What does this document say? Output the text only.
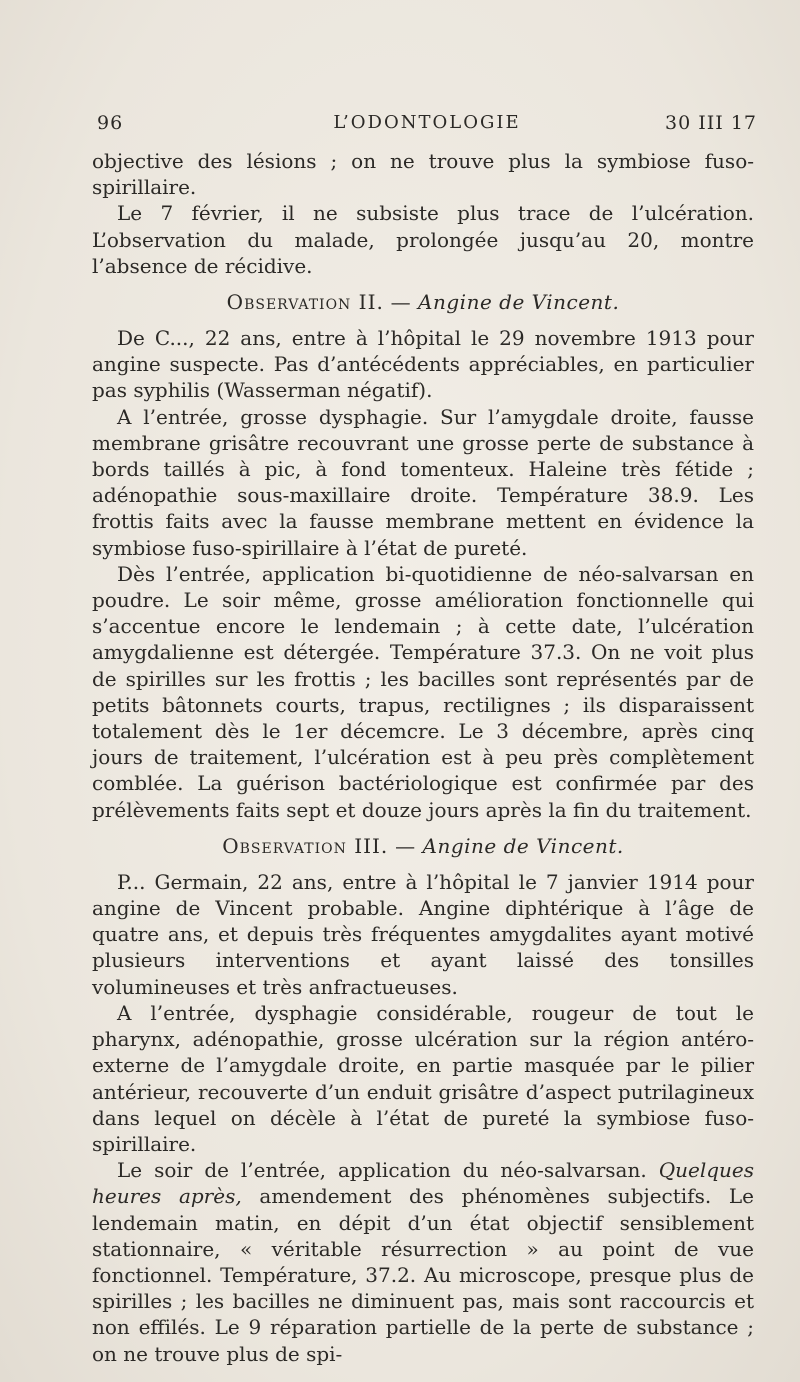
96	L’ODONTOLOGIE	30 III 17

objective des lésions ; on ne trouve plus la symbiose fuso-spirillaire.

Le 7 février, il ne subsiste plus trace de l’ulcération. L’observation du malade, prolongée jusqu’au 20, montre l’absence de récidive.

Observation II. — Angine de Vincent.

De C..., 22 ans, entre à l’hôpital le 29 novembre 1913 pour angine suspecte. Pas d’antécédents appréciables, en particulier pas syphilis (Wasserman négatif).

A l’entrée, grosse dysphagie. Sur l’amygdale droite, fausse membrane grisâtre recouvrant une grosse perte de substance à bords taillés à pic, à fond tomenteux. Haleine très fétide ; adénopathie sous-maxillaire droite. Température 38.9. Les frottis faits avec la fausse membrane mettent en évidence la symbiose fuso-spirillaire à l’état de pureté.

Dès l’entrée, application bi-quotidienne de néo-salvarsan en poudre. Le soir même, grosse amélioration fonctionnelle qui s’accentue encore le lendemain ; à cette date, l’ulcération amygdalienne est détergée. Température 37.3. On ne voit plus de spirilles sur les frottis ; les bacilles sont représentés par de petits bâtonnets courts, trapus, rectilignes ; ils disparaissent totalement dès le 1er décemcre. Le 3 décembre, après cinq jours de traitement, l’ulcération est à peu près complètement comblée. La guérison bactériologique est confirmée par des prélèvements faits sept et douze jours après la fin du traitement.

Observation III. — Angine de Vincent.

P... Germain, 22 ans, entre à l’hôpital le 7 janvier 1914 pour angine de Vincent probable. Angine diphtérique à l’âge de quatre ans, et depuis très fréquentes amygdalites ayant motivé plusieurs interventions et ayant laissé des tonsilles volumineuses et très anfractueuses.

A l’entrée, dysphagie considérable, rougeur de tout le pharynx, adénopathie, grosse ulcération sur la région antéro-externe de l’amygdale droite, en partie masquée par le pilier antérieur, recouverte d’un enduit grisâtre d’aspect putrilagineux dans lequel on décèle à l’état de pureté la symbiose fuso-spirillaire.

Le soir de l’entrée, application du néo-salvarsan. Quelques heures après, amendement des phénomènes subjectifs. Le lendemain matin, en dépit d’un état objectif sensiblement stationnaire, « véritable résurrection » au point de vue fonctionnel. Température, 37.2. Au microscope, presque plus de spirilles ; les bacilles ne diminuent pas, mais sont raccourcis et non effilés. Le 9 réparation partielle de la perte de substance ; on ne trouve plus de spi-
